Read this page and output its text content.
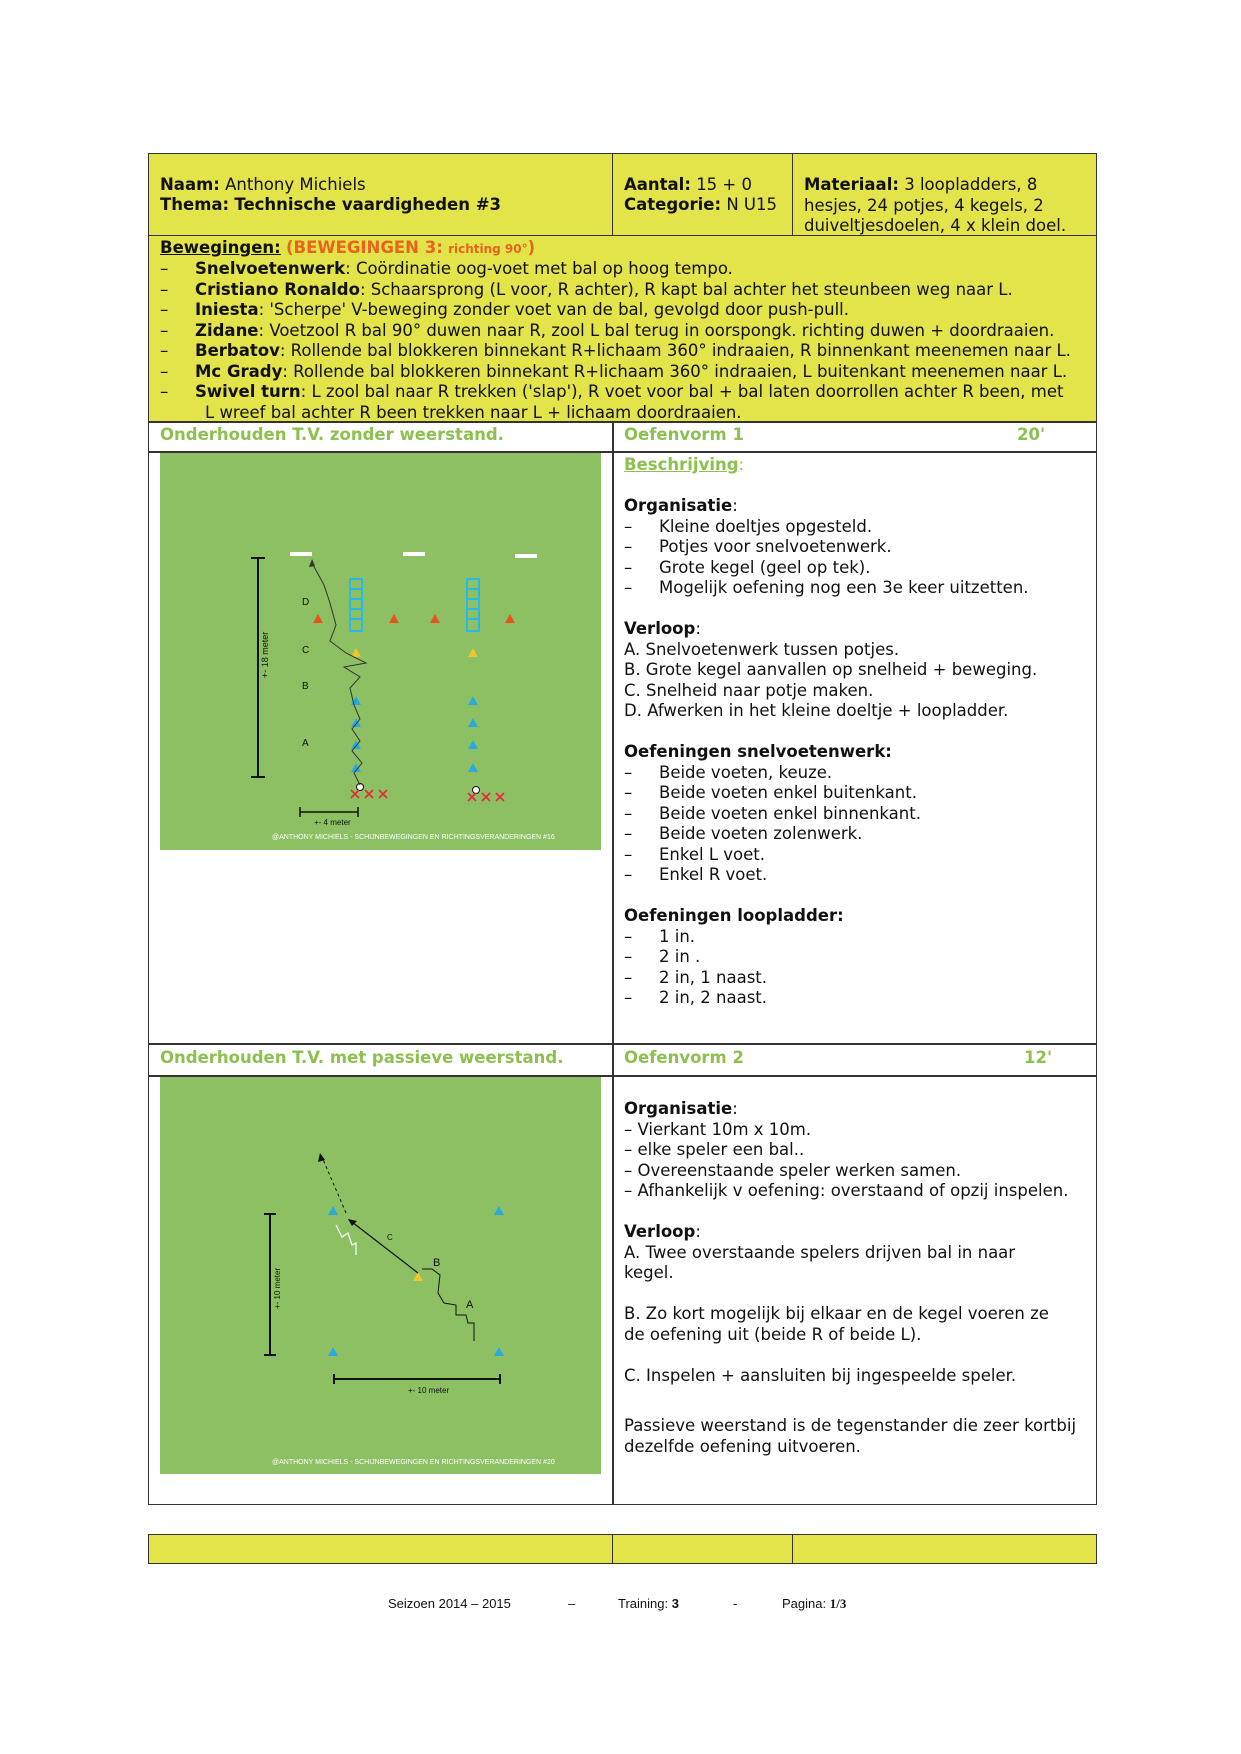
Naam: Anthony Michiels
Thema: Technische vaardigheden #3
Aantal: 15 + 0
Categorie: N U15
Materiaal: 3 loopladders, 8
hesjes, 24 potjes, 4 kegels, 2
duiveltjesdoelen, 4 x klein doel.
Bewegingen: (BEWEGINGEN 3: richting 90°)
– Snelvoetenwerk: Coördinatie oog-voet met bal op hoog tempo.
– Cristiano Ronaldo: Schaarsprong (L voor, R achter), R kapt bal achter het steunbeen weg naar L.
– Iniesta: 'Scherpe' V-beweging zonder voet van de bal, gevolgd door push-pull.
– Zidane: Voetzool R bal 90° duwen naar R, zool L bal terug in oorspongk. richting duwen + doordraaien.
– Berbatov: Rollende bal blokkeren binnekant R+lichaam 360° indraaien, R binnenkant meenemen naar L.
– Mc Grady: Rollende bal blokkeren binnekant R+lichaam 360° indraaien, L buitenkant meenemen naar L.
– Swivel turn: L zool bal naar R trekken ('slap'), R voet voor bal + bal laten doorrollen achter R been, met
L wreef bal achter R been trekken naar L + lichaam doordraaien.
Onderhouden T.V. zonder weerstand.	Oefenvorm 1	20'
+- 18 meter
+- 4 meter
D
C
B
A
@ANTHONY MICHIELS - SCHIJNBEWEGINGEN EN RICHTINGSVERANDERINGEN #16
Beschrijving:
Organisatie:
– Kleine doeltjes opgesteld.
– Potjes voor snelvoetenwerk.
– Grote kegel (geel op tek).
– Mogelijk oefening nog een 3e keer uitzetten.
Verloop:
A. Snelvoetenwerk tussen potjes.
B. Grote kegel aanvallen op snelheid + beweging.
C. Snelheid naar potje maken.
D. Afwerken in het kleine doeltje + loopladder.
Oefeningen snelvoetenwerk:
– Beide voeten, keuze.
– Beide voeten enkel buitenkant.
– Beide voeten enkel binnenkant.
– Beide voeten zolenwerk.
– Enkel L voet.
– Enkel R voet.
Oefeningen loopladder:
– 1 in.
– 2 in .
– 2 in, 1 naast.
– 2 in, 2 naast.
Onderhouden T.V. met passieve weerstand.	Oefenvorm 2	12'
A
B
C
+- 10 meter
+- 10 meter
@ANTHONY MICHIELS - SCHIJNBEWEGINGEN EN RICHTINGSVERANDERINGEN #20
Organisatie:
– Vierkant 10m x 10m.
– elke speler een bal..
– Overeenstaande speler werken samen.
– Afhankelijk v oefening: overstaand of opzij inspelen.
Verloop:
A. Twee overstaande spelers drijven bal in naar
kegel.
B. Zo kort mogelijk bij elkaar en de kegel voeren ze
de oefening uit (beide R of beide L).
C. Inspelen + aansluiten bij ingespeelde speler.
Passieve weerstand is de tegenstander die zeer kortbij
dezelfde oefening uitvoeren.
Seizoen 2014 – 2015	–	Training: 3	-	Pagina: 1/3
